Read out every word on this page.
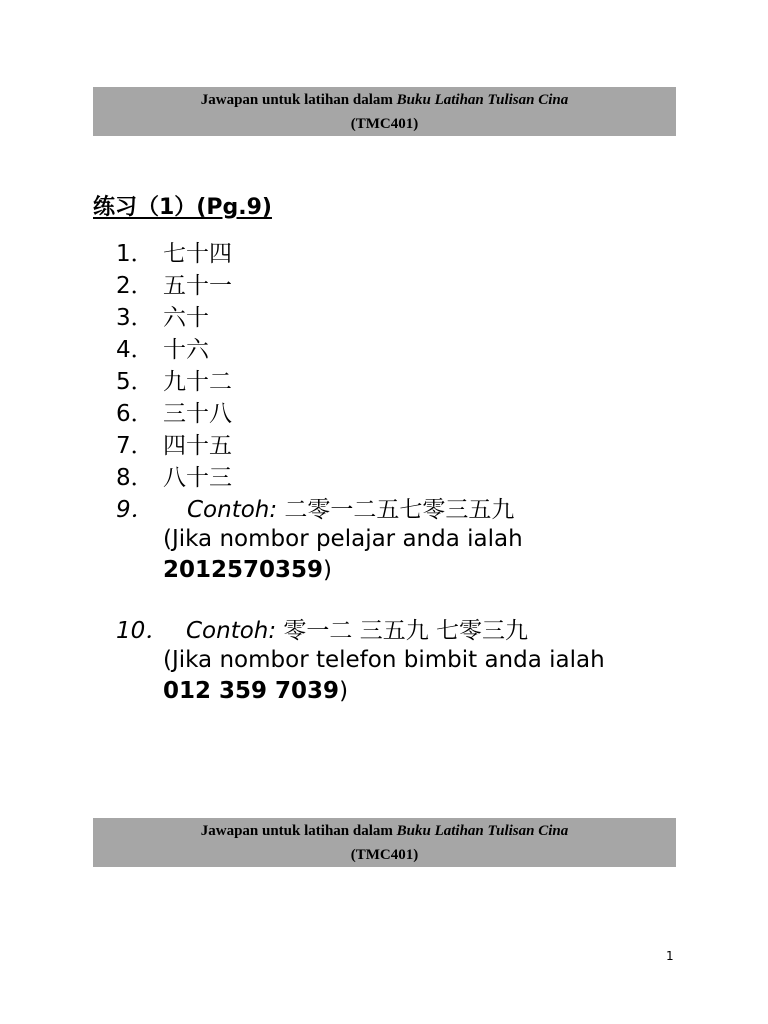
Jawapan untuk latihan dalam Buku Latihan Tulisan Cina
(TMC401)
练习（1）(Pg.9)
1． 七十四
2． 五十一
3． 六十
4． 十六
5． 九十二
6． 三十八
7． 四十五
8． 八十三
9． Contoh: 二零一二五七零三五九
(Jika nombor pelajar anda ialah
2012570359)
10． Contoh: 零一二 三五九 七零三九
(Jika nombor telefon bimbit anda ialah
012 359 7039)
Jawapan untuk latihan dalam Buku Latihan Tulisan Cina
(TMC401)
1
